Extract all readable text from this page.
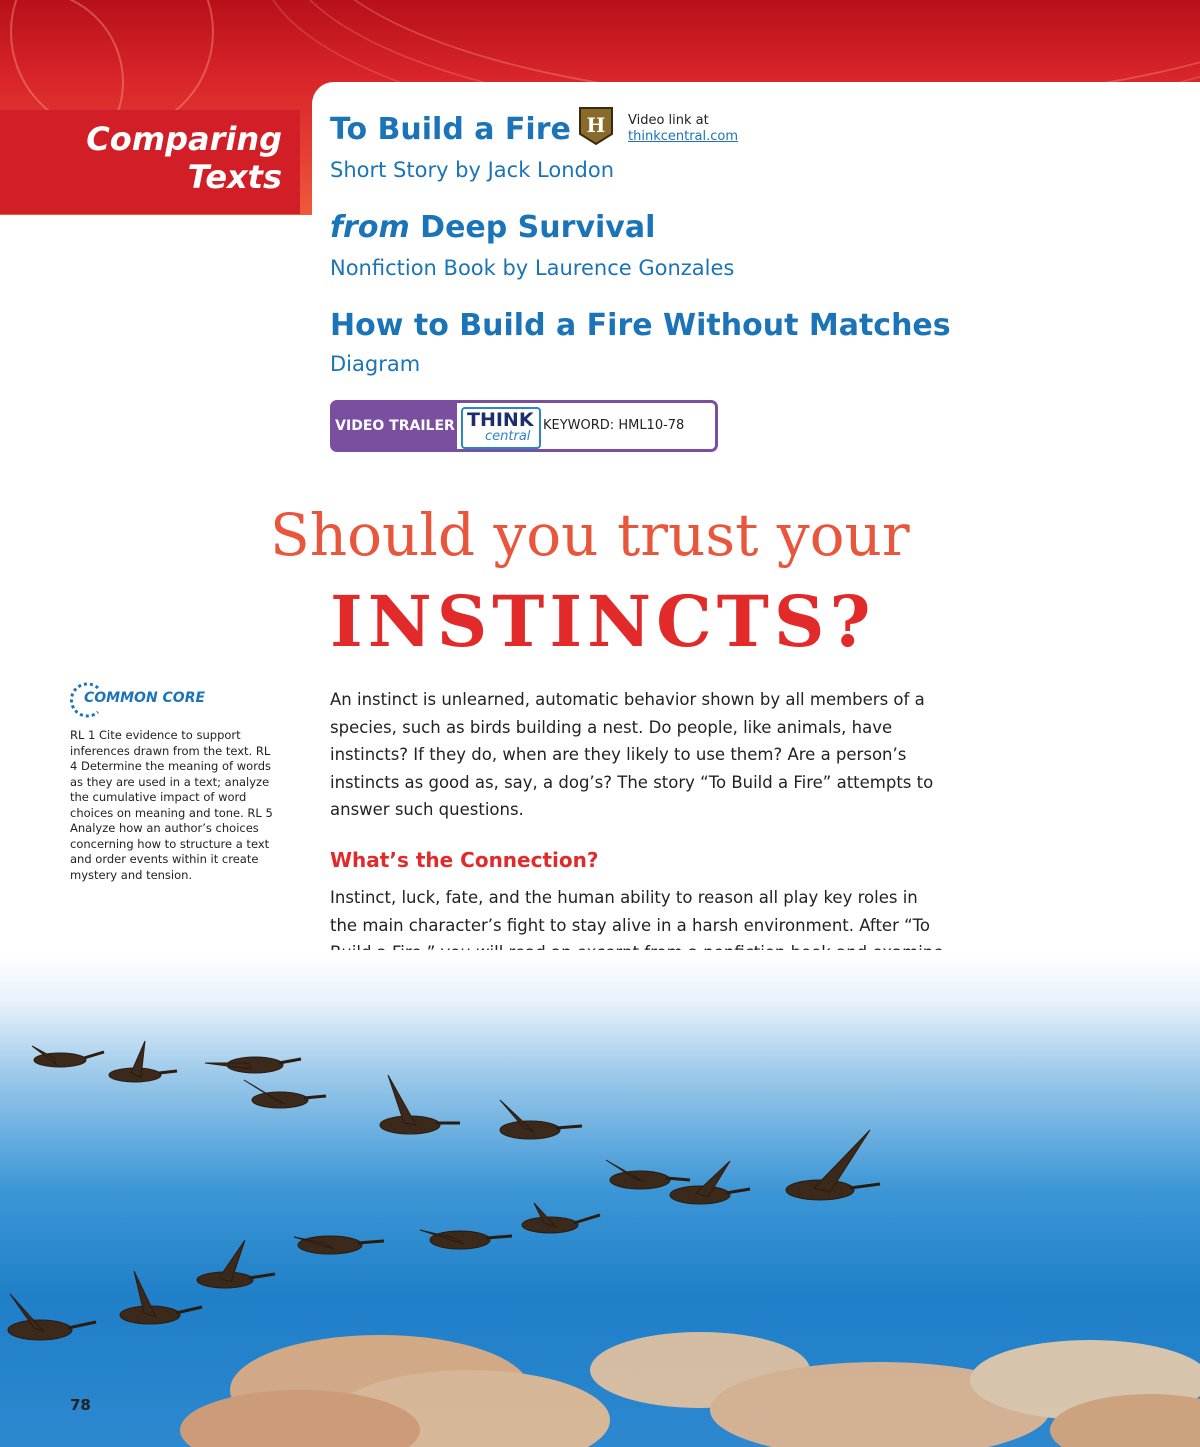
Comparing
Texts
To Build a Fire
Short Story by Jack London
from Deep Survival
Nonfiction Book by Laurence Gonzales
How to Build a Fire Without Matches
Diagram
H Video link at
thinkcentral.com
VIDEO TRAILER THINK
central
KEYWORD: HML10-78
Should you trust your
INSTINCTS?
COMMON CORE
RL 1 Cite evidence to support inferences drawn from the text. RL 4 Determine the meaning of words as they are used in a text; analyze the cumulative impact of word choices on meaning and tone. RL 5 Analyze how an author’s choices concerning how to structure a text and order events within it create mystery and tension.
An instinct is unlearned, automatic behavior shown by all members of a species, such as birds building a nest. Do people, like animals, have instincts? If they do, when are they likely to use them? Are a person’s instincts as good as, say, a dog’s? The story “To Build a Fire” attempts to answer such questions.
What’s the Connection?
Instinct, luck, fate, and the human ability to reason all play key roles in the main character’s fight to stay alive in a harsh environment. After “To
78
